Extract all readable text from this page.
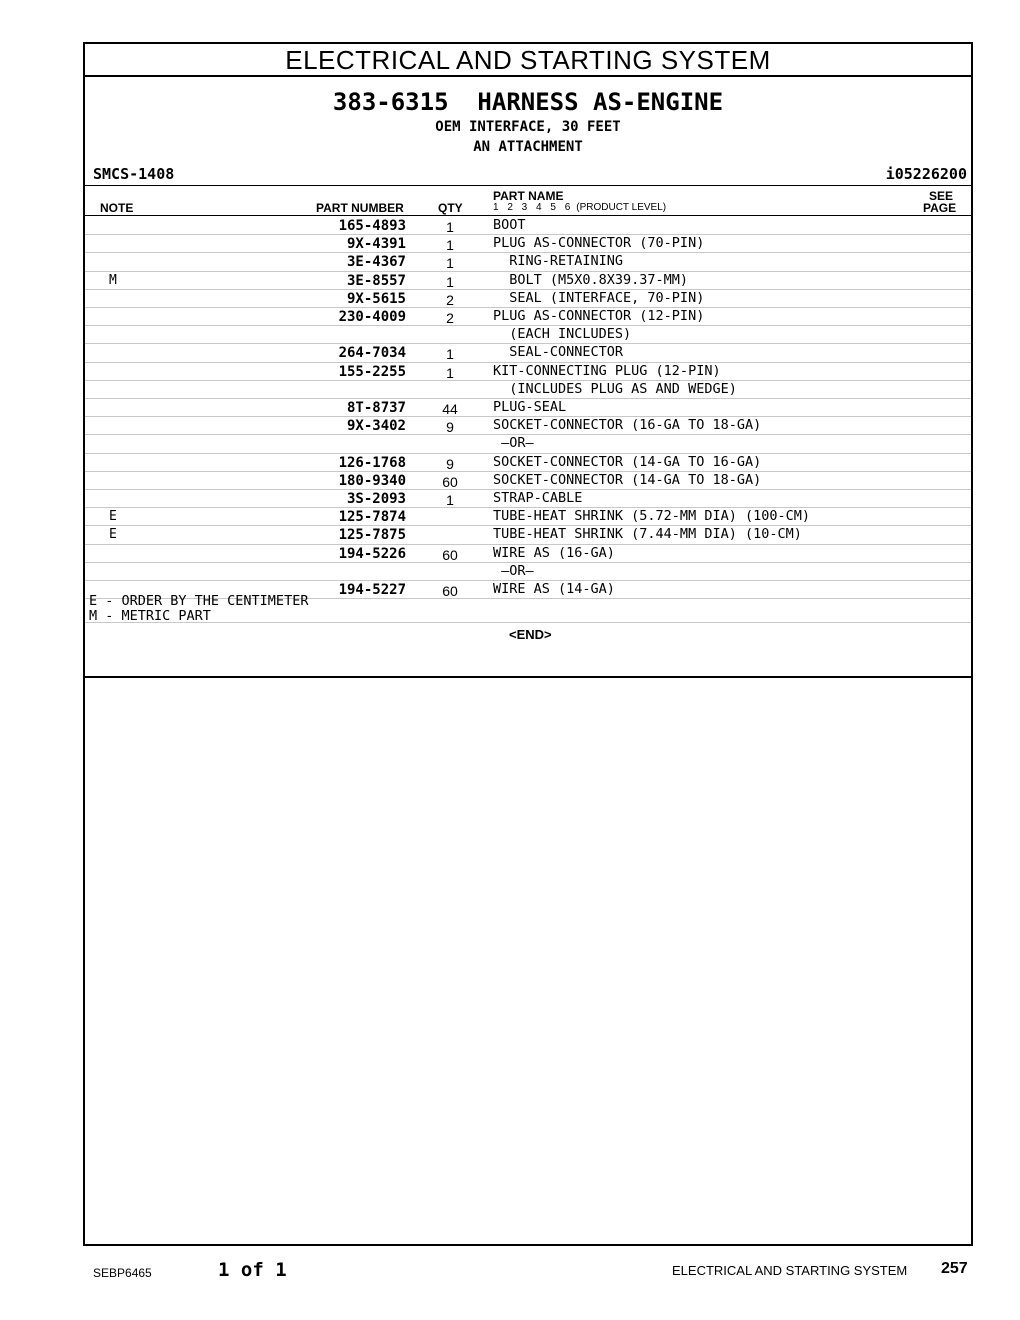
ELECTRICAL AND STARTING SYSTEM
383-6315  HARNESS AS-ENGINE
OEM INTERFACE, 30 FEET
AN ATTACHMENT
SMCS-1408	i05226200
NOTE	PART NUMBER	QTY
PART NAME
1 2 3 4 5 6 (PRODUCT LEVEL)
SEE
PAGE
165-4893	1	BOOT
9X-4391	1	PLUG AS-CONNECTOR (70-PIN)
3E-4367	1	RING-RETAINING
M	3E-8557	1	BOLT (M5X0.8X39.37-MM)
9X-5615	2	SEAL (INTERFACE, 70-PIN)
230-4009	2	PLUG AS-CONNECTOR (12-PIN)
(EACH INCLUDES)
264-7034	1	SEAL-CONNECTOR
155-2255	1	KIT-CONNECTING PLUG (12-PIN)
(INCLUDES PLUG AS AND WEDGE)
8T-8737	44	PLUG-SEAL
9X-3402	9	SOCKET-CONNECTOR (16-GA TO 18-GA)
—OR—
126-1768	9	SOCKET-CONNECTOR (14-GA TO 16-GA)
180-9340	60	SOCKET-CONNECTOR (14-GA TO 18-GA)
3S-2093	1	STRAP-CABLE
E	125-7874	TUBE-HEAT SHRINK (5.72-MM DIA) (100-CM)
E	125-7875	TUBE-HEAT SHRINK (7.44-MM DIA) (10-CM)
194-5226	60	WIRE AS (16-GA)
—OR—
194-5227	60	WIRE AS (14-GA)
E - ORDER BY THE CENTIMETER
M - METRIC PART
<END>
SEBP6465	1 of 1	ELECTRICAL AND STARTING SYSTEM 257
